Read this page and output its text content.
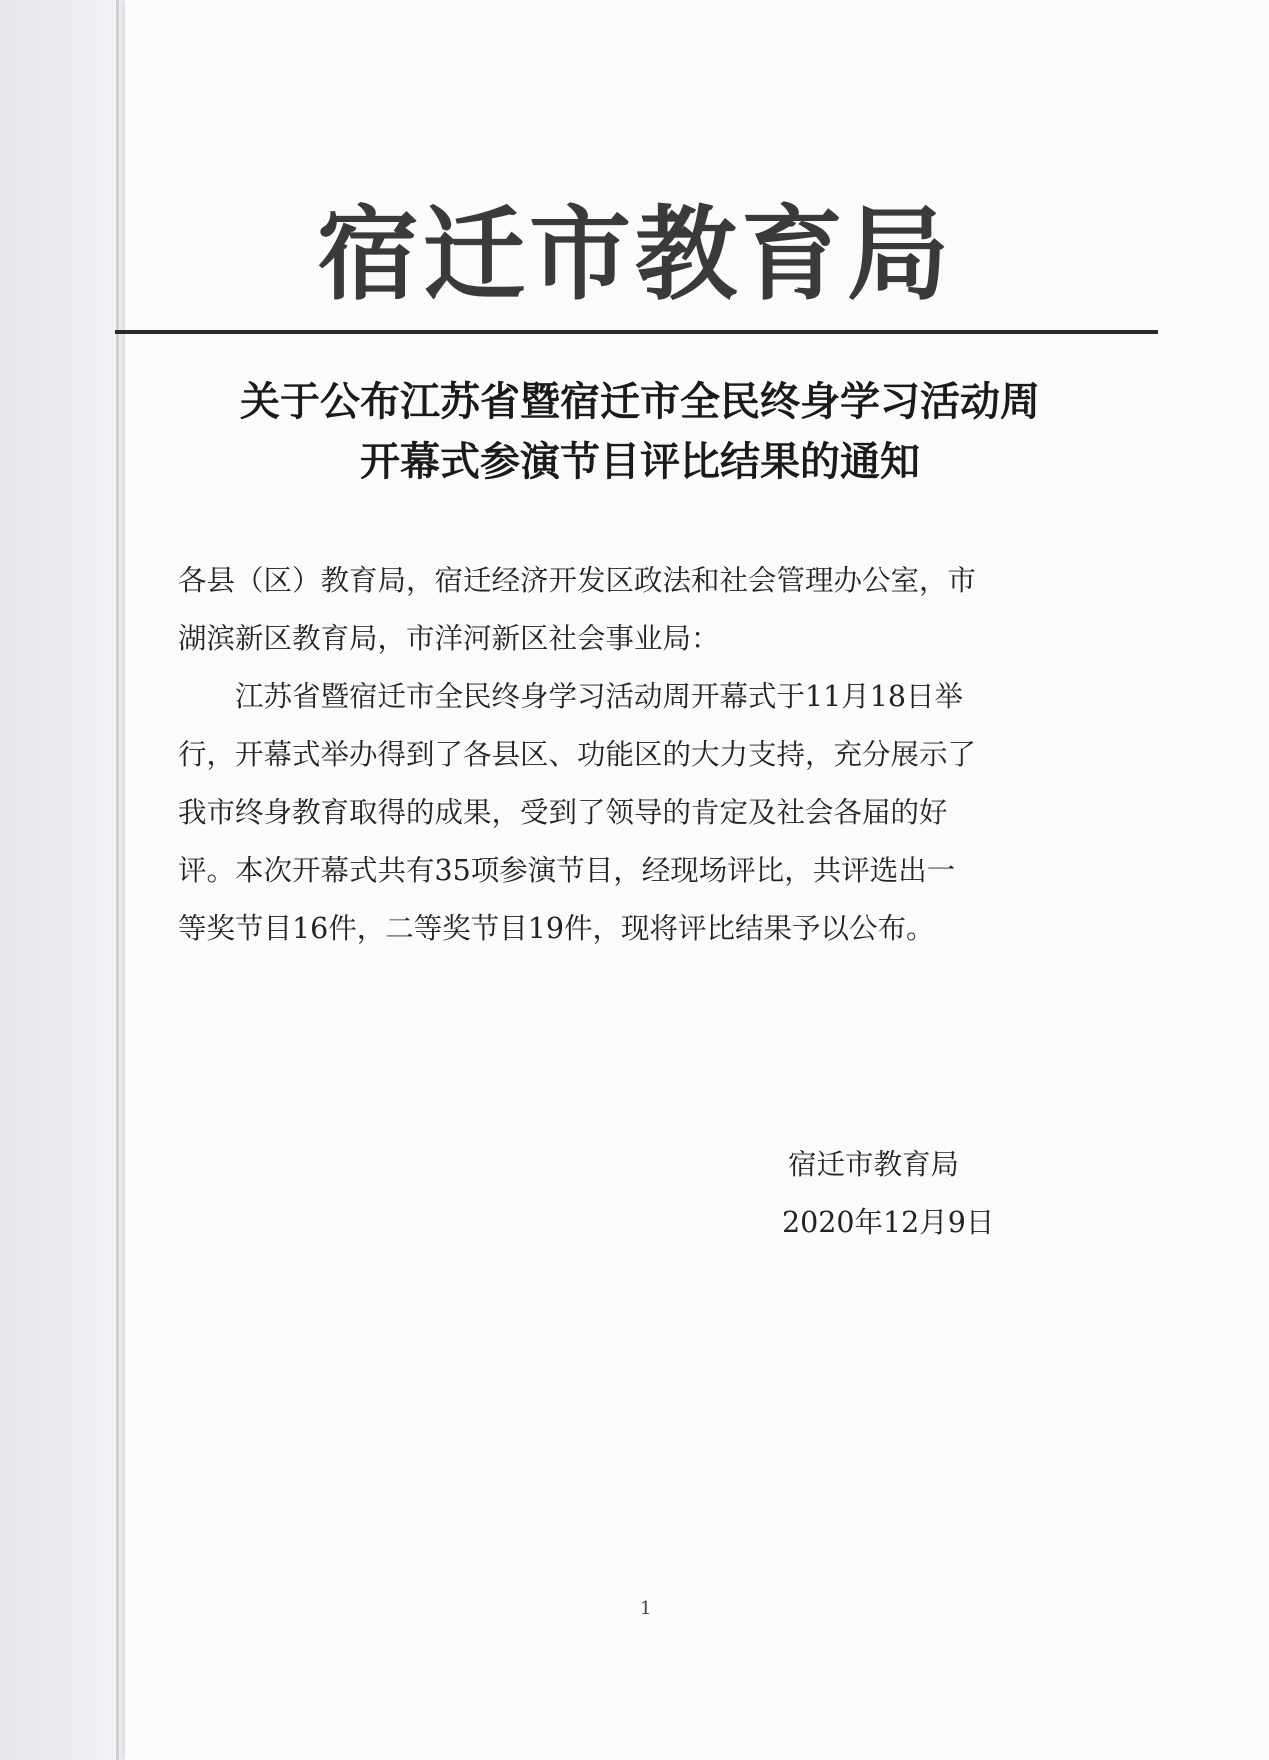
宿迁市教育局
关于公布江苏省暨宿迁市全民终身学习活动周
开幕式参演节目评比结果的通知
各县（区）教育局，宿迁经济开发区政法和社会管理办公室，市
湖滨新区教育局，市洋河新区社会事业局：
　　江苏省暨宿迁市全民终身学习活动周开幕式于11月18日举
行，开幕式举办得到了各县区、功能区的大力支持，充分展示了
我市终身教育取得的成果，受到了领导的肯定及社会各届的好
评。本次开幕式共有35项参演节目，经现场评比，共评选出一
等奖节目16件，二等奖节目19件，现将评比结果予以公布。
宿迁市教育局
2020年12月9日
1
